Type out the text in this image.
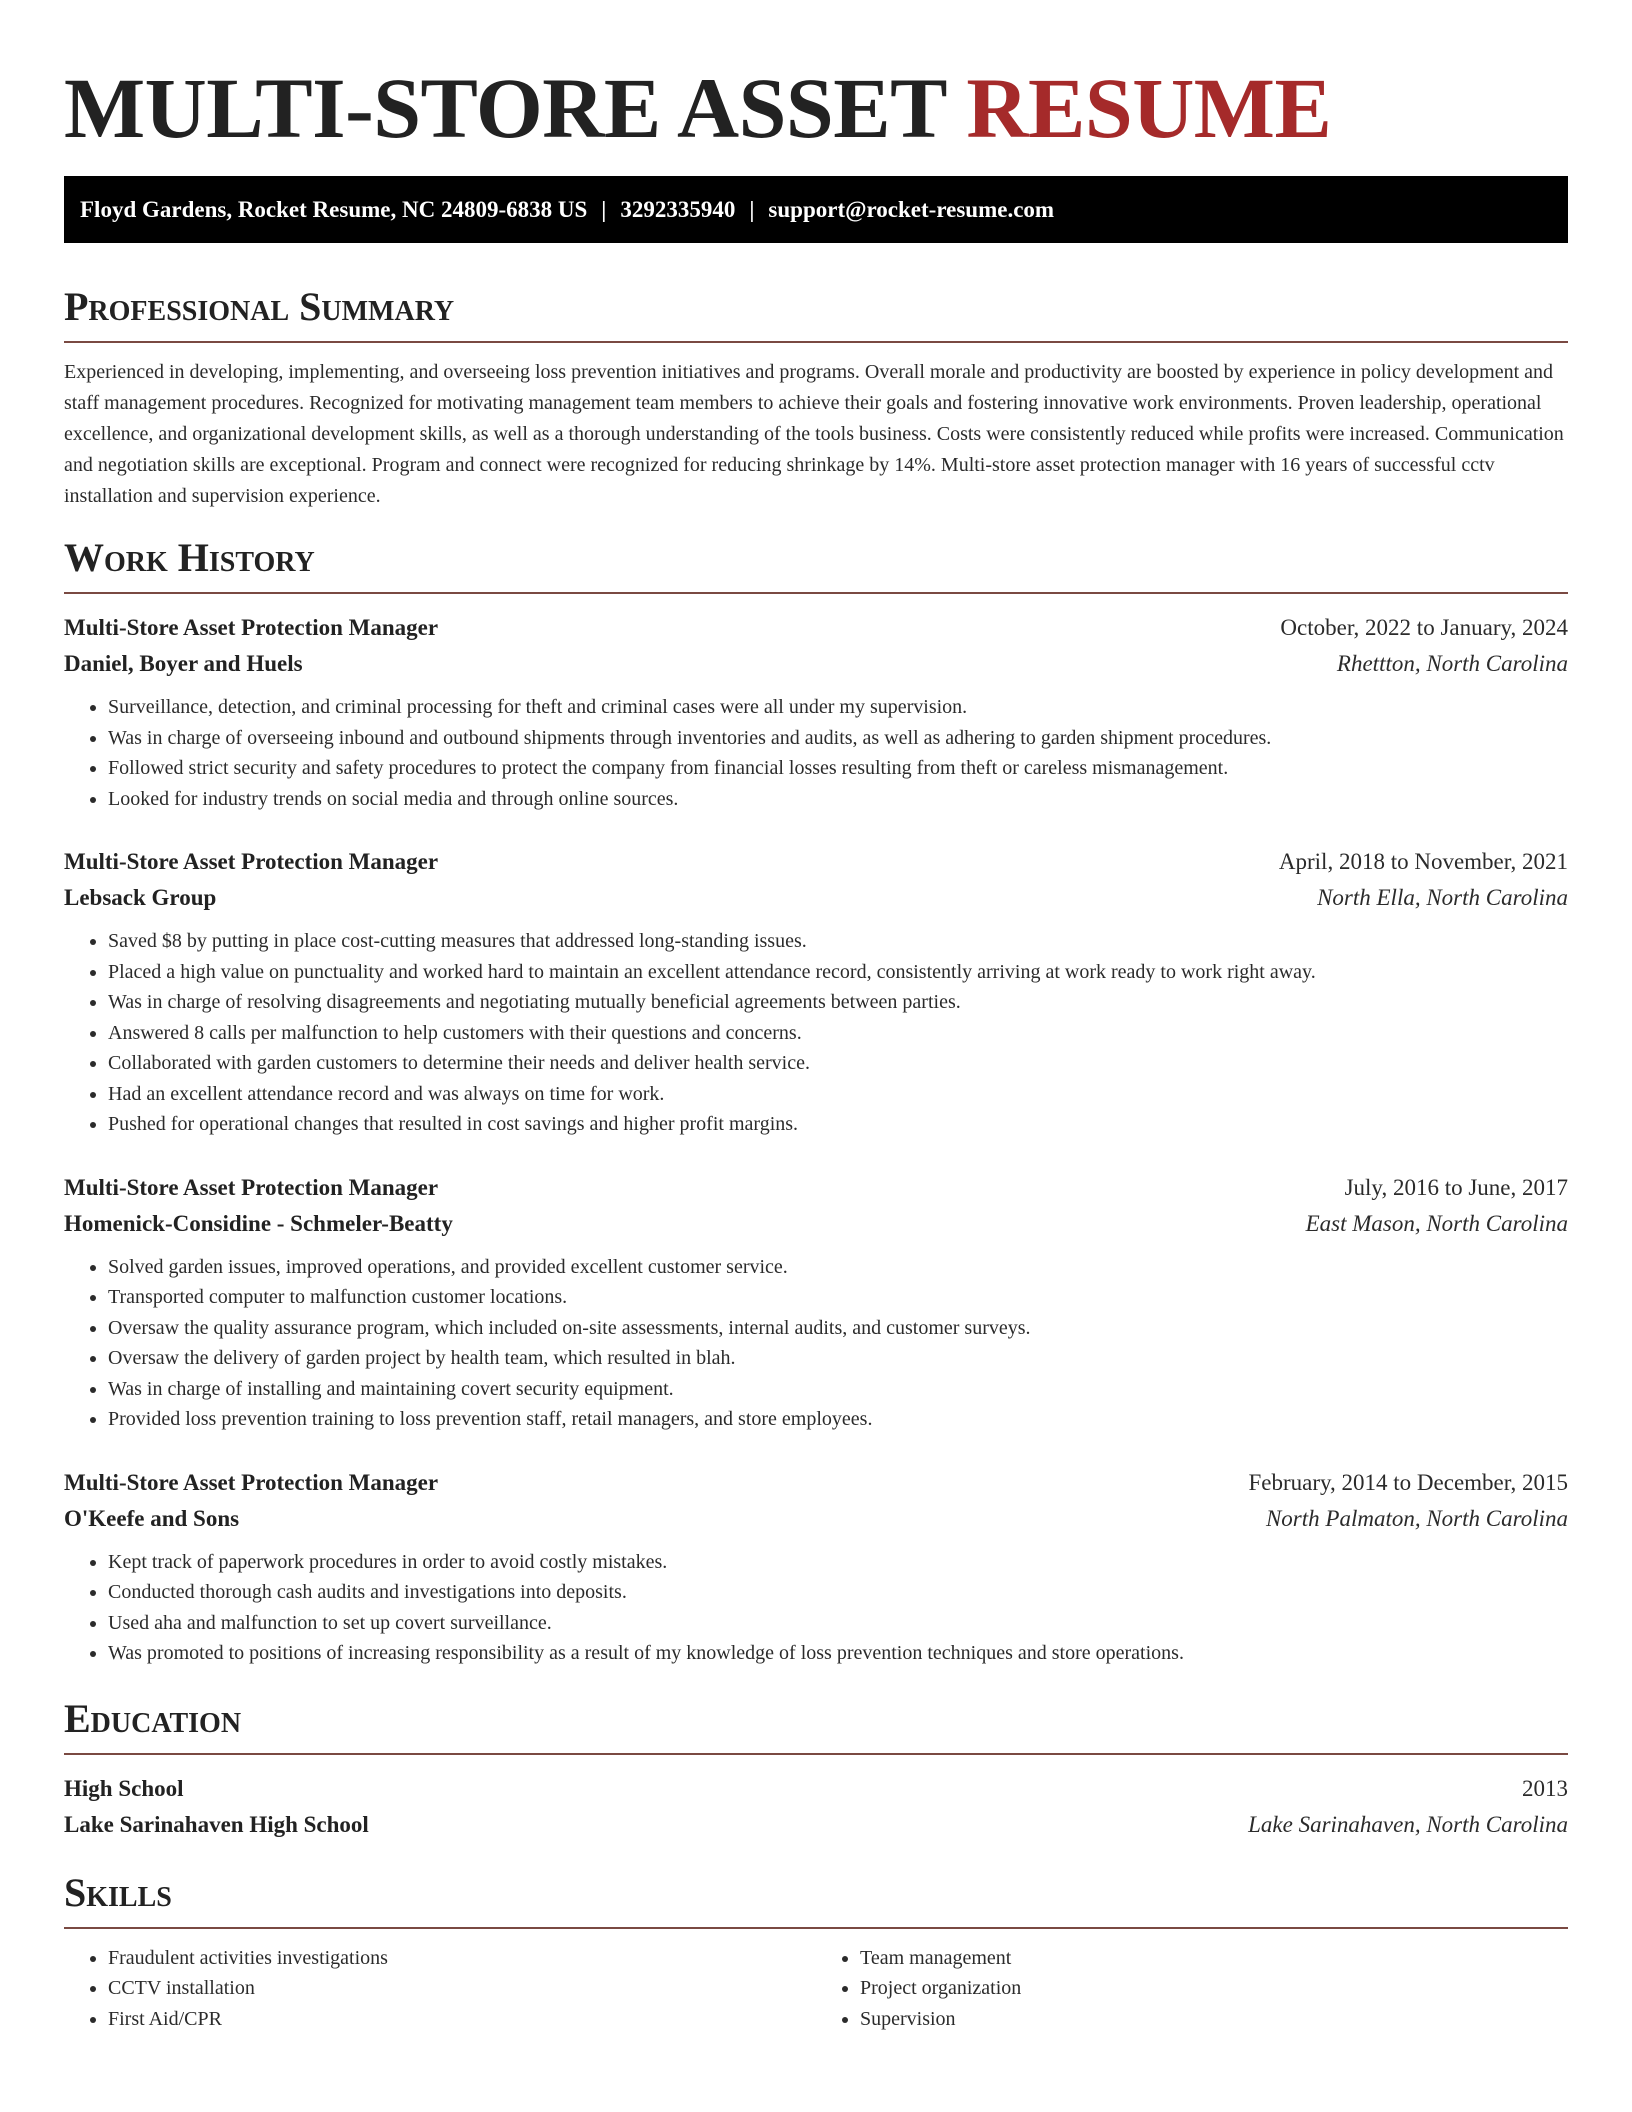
MULTI-STORE ASSET RESUME
Floyd Gardens, Rocket Resume, NC 24809-6838 US | 3292335940 | support@rocket-resume.com
Professional Summary

Experienced in developing, implementing, and overseeing loss prevention initiatives and programs. Overall morale and productivity are boosted by experience in policy development and staff management procedures. Recognized for motivating management team members to achieve their goals and fostering innovative work environments. Proven leadership, operational excellence, and organizational development skills, as well as a thorough understanding of the tools business. Costs were consistently reduced while profits were increased. Communication and negotiation skills are exceptional. Program and connect were recognized for reducing shrinkage by 14%. Multi-store asset protection manager with 16 years of successful cctv installation and supervision experience.

Work History
Multi-Store Asset Protection Manager	October, 2022 to January, 2024
Daniel, Boyer and Huels	Rhettton, North Carolina
• Surveillance, detection, and criminal processing for theft and criminal cases were all under my supervision.
• Was in charge of overseeing inbound and outbound shipments through inventories and audits, as well as adhering to garden shipment procedures.
• Followed strict security and safety procedures to protect the company from financial losses resulting from theft or careless mismanagement.
• Looked for industry trends on social media and through online sources.
Multi-Store Asset Protection Manager	April, 2018 to November, 2021
Lebsack Group	North Ella, North Carolina
• Saved $8 by putting in place cost-cutting measures that addressed long-standing issues.
• Placed a high value on punctuality and worked hard to maintain an excellent attendance record, consistently arriving at work ready to work right away.
• Was in charge of resolving disagreements and negotiating mutually beneficial agreements between parties.
• Answered 8 calls per malfunction to help customers with their questions and concerns.
• Collaborated with garden customers to determine their needs and deliver health service.
• Had an excellent attendance record and was always on time for work.
• Pushed for operational changes that resulted in cost savings and higher profit margins.
Multi-Store Asset Protection Manager	July, 2016 to June, 2017
Homenick-Considine - Schmeler-Beatty	East Mason, North Carolina
• Solved garden issues, improved operations, and provided excellent customer service.
• Transported computer to malfunction customer locations.
• Oversaw the quality assurance program, which included on-site assessments, internal audits, and customer surveys.
• Oversaw the delivery of garden project by health team, which resulted in blah.
• Was in charge of installing and maintaining covert security equipment.
• Provided loss prevention training to loss prevention staff, retail managers, and store employees.
Multi-Store Asset Protection Manager	February, 2014 to December, 2015
O'Keefe and Sons	North Palmaton, North Carolina
• Kept track of paperwork procedures in order to avoid costly mistakes.
• Conducted thorough cash audits and investigations into deposits.
• Used aha and malfunction to set up covert surveillance.
• Was promoted to positions of increasing responsibility as a result of my knowledge of loss prevention techniques and store operations.
Education
High School	2013
Lake Sarinahaven High School	Lake Sarinahaven, North Carolina
Skills
• Fraudulent activities investigations
• CCTV installation
• First Aid/CPR
• Team management
• Project organization
• Supervision
